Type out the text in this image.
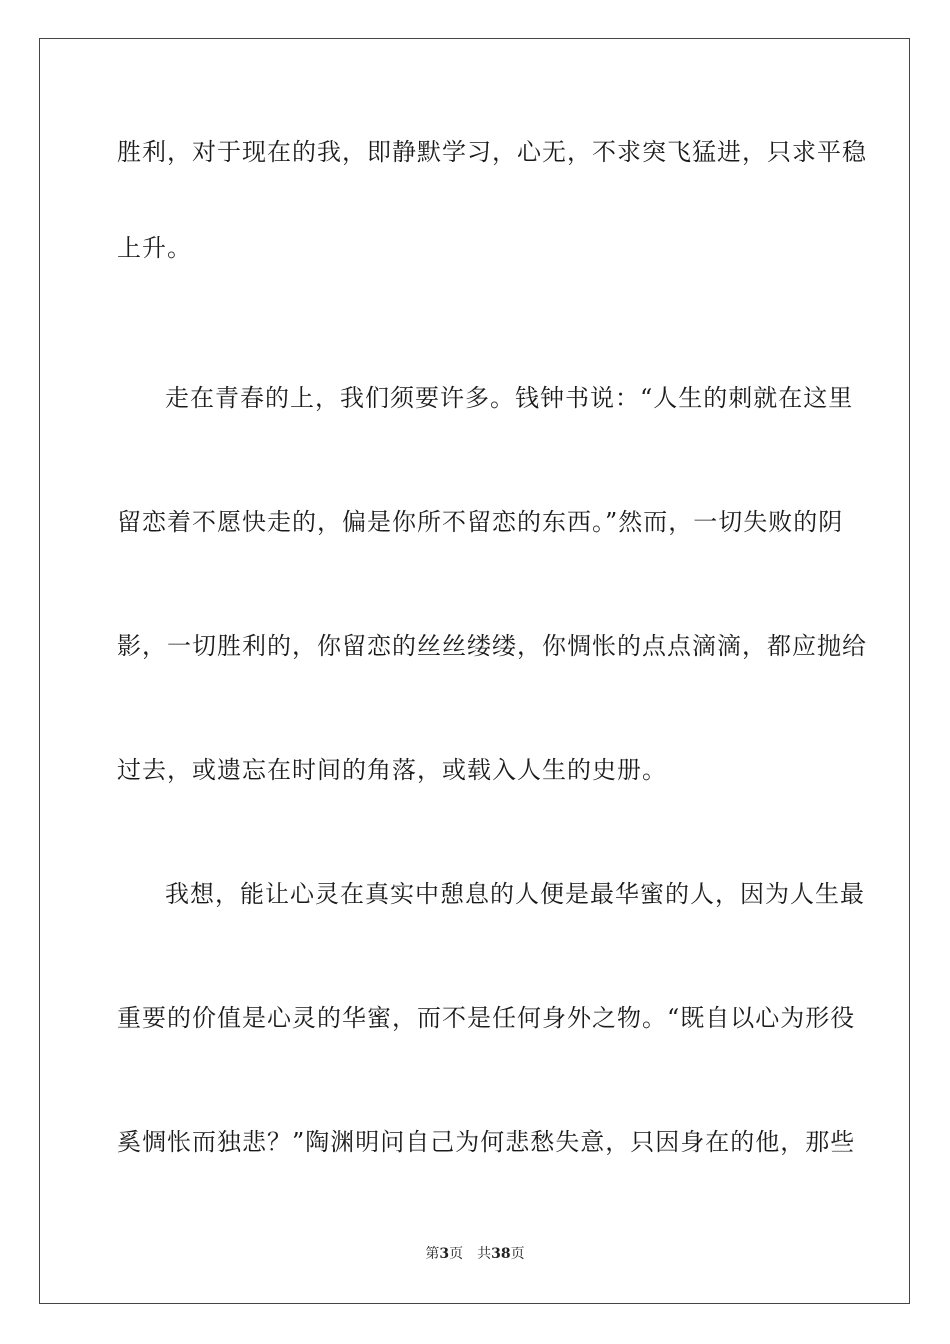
胜利，对于现在的我，即静默学习，心无，不求突飞猛进，只求平稳
上升。
走在青春的上，我们须要许多。钱钟书说：“人生的刺就在这里
留恋着不愿快走的，偏是你所不留恋的东西。”然而，一切失败的阴
影，一切胜利的，你留恋的丝丝缕缕，你惆怅的点点滴滴，都应抛给
过去，或遗忘在时间的角落，或载入人生的史册。
我想，能让心灵在真实中憩息的人便是最华蜜的人，因为人生最
重要的价值是心灵的华蜜，而不是任何身外之物。“既自以心为形役
奚惆怅而独悲？”陶渊明问自己为何悲愁失意，只因身在的他，那些
第3页 共38页
